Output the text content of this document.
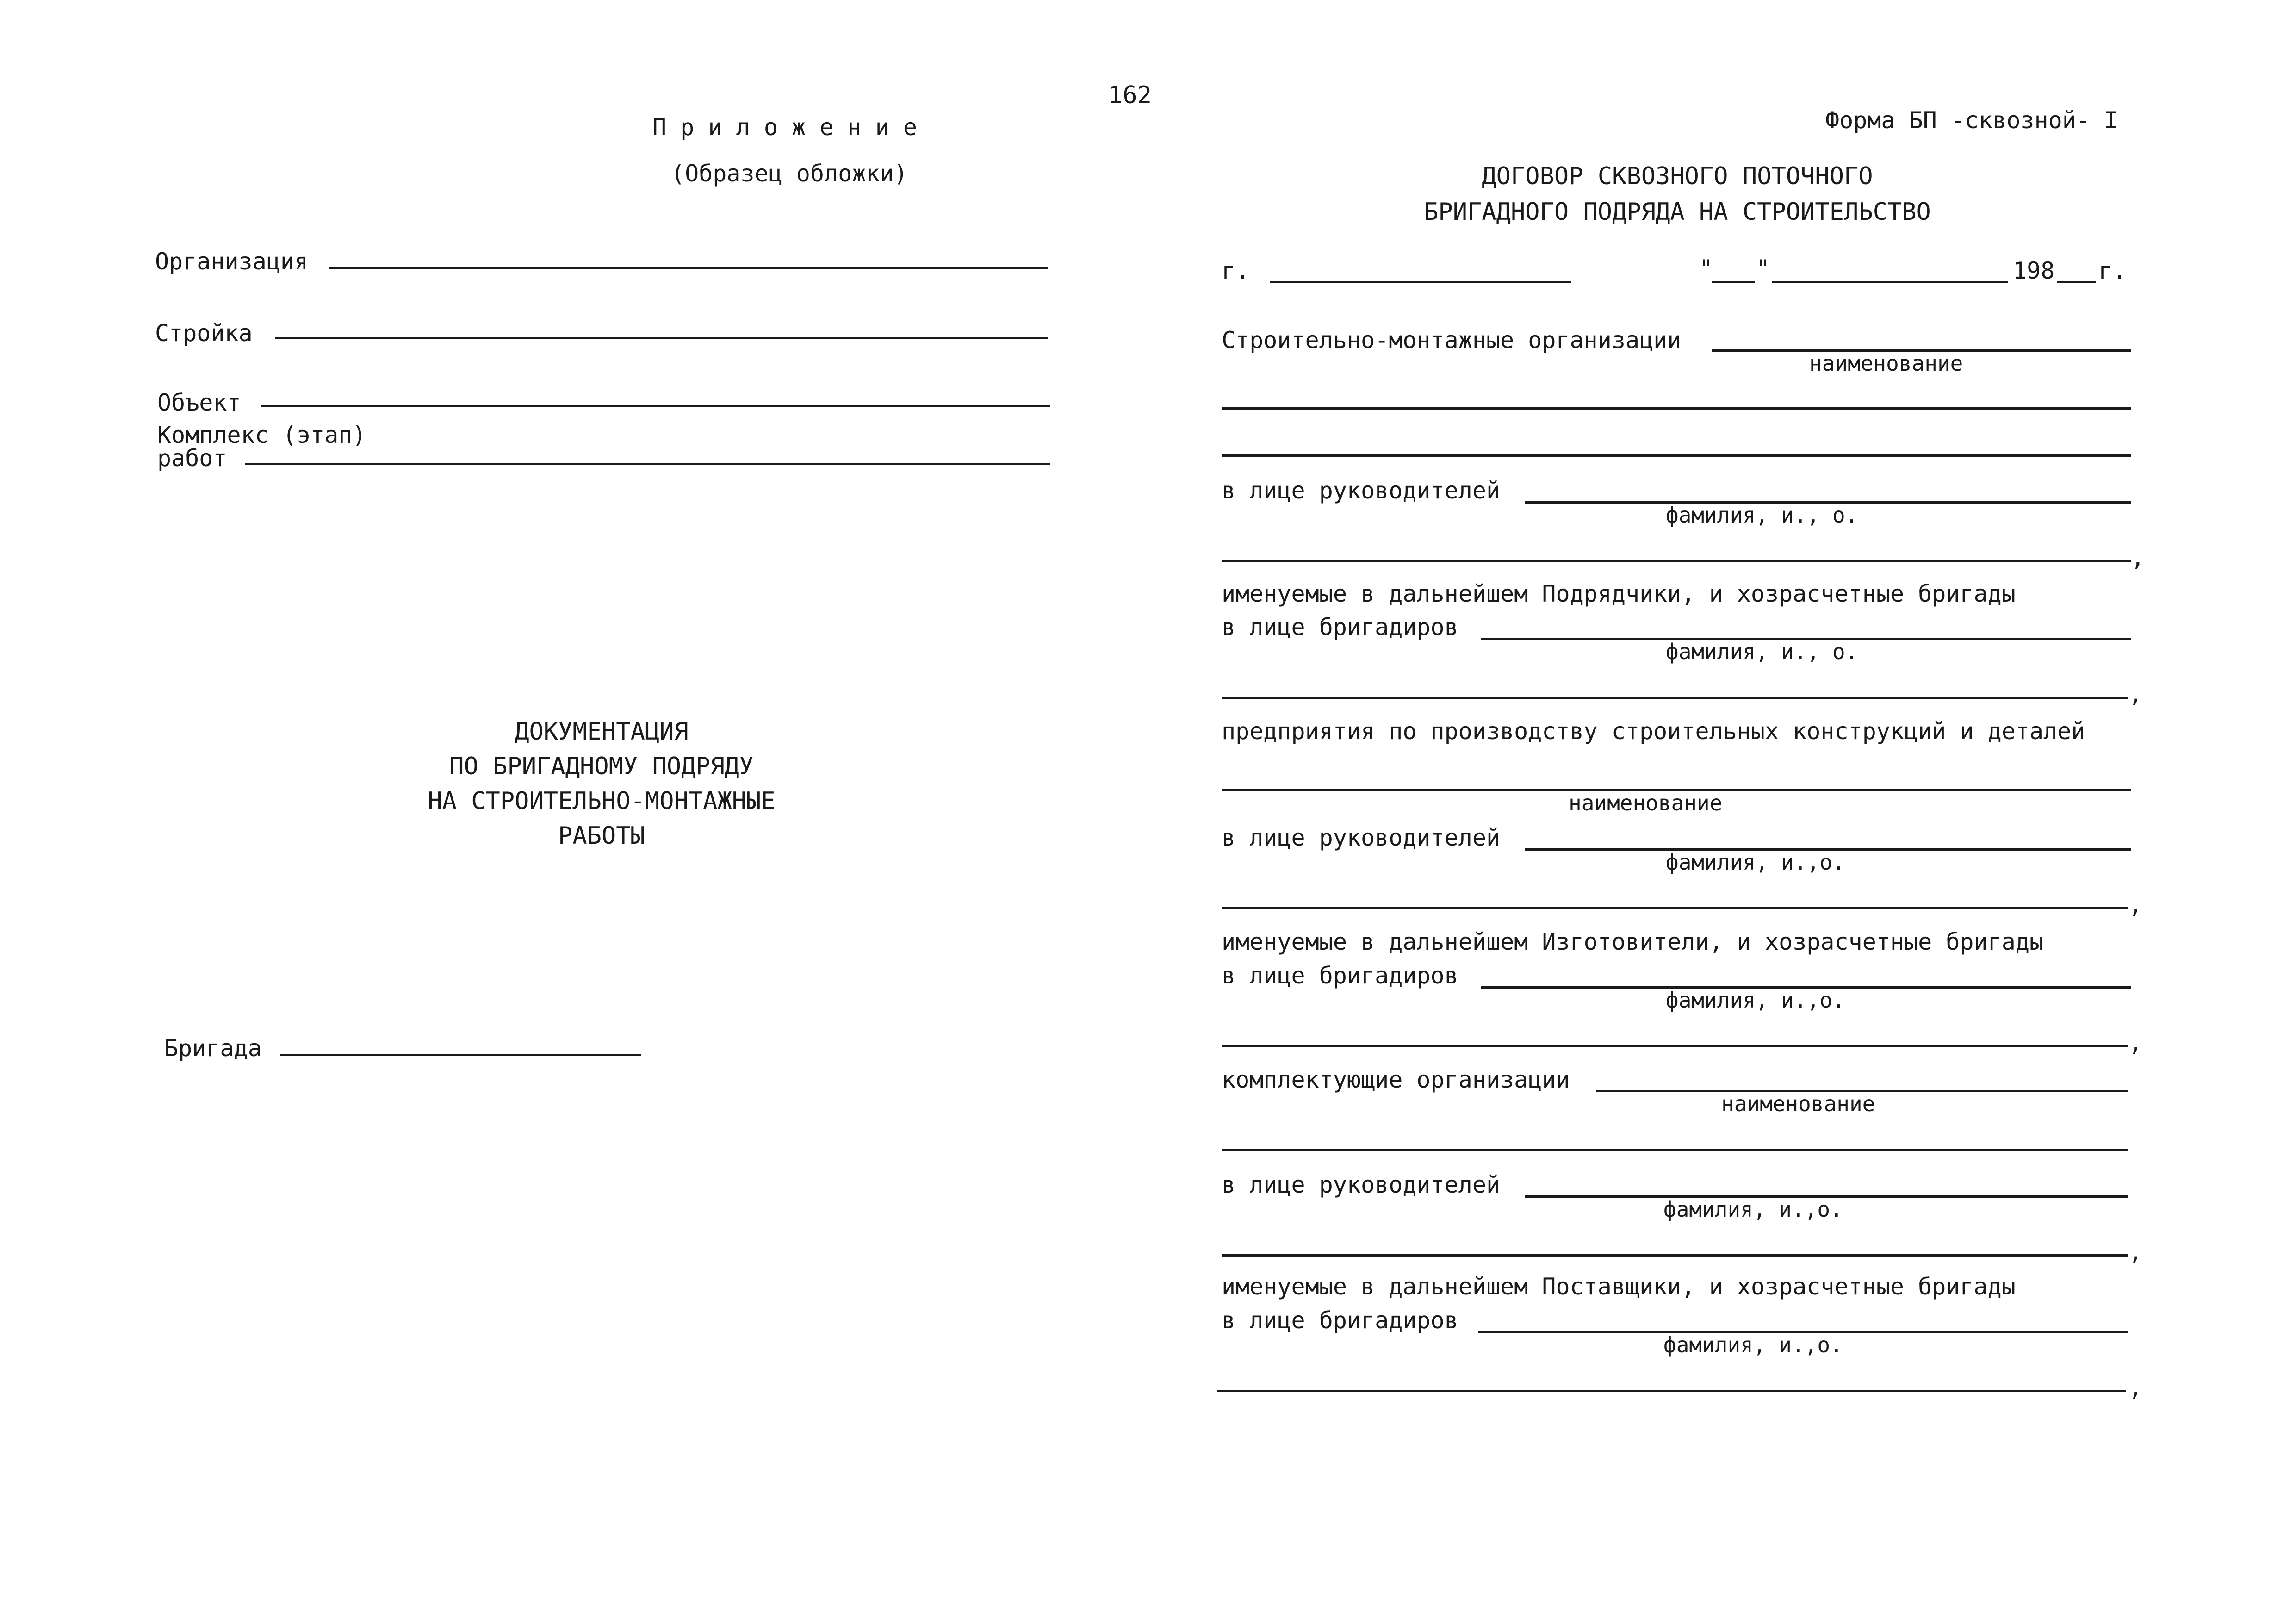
162
П р и л о ж е н и е
(Образец обложки)
Организация
Стройка
Объект
Комплекс (этап)
работ
ДОКУМЕНТАЦИЯ
ПО БРИГАДНОМУ ПОДРЯДУ
НА СТРОИТЕЛЬНО-МОНТАЖНЫЕ
РАБОТЫ
Бригада
Форма БП -сквозной- I
ДОГОВОР СКВОЗНОГО ПОТОЧНОГО
БРИГАДНОГО ПОДРЯДА НА СТРОИТЕЛЬСТВО
г.	" "	198 г.
Строительно-монтажные организации
наименование
в лице руководителей
фамилия, и., о.
,
именуемые в дальнейшем Подрядчики, и хозрасчетные бригады
в лице бригадиров
фамилия, и., о.
,
предприятия по производству строительных конструкций и деталей
наименование
в лице руководителей
фамилия, и.,о.
,
именуемые в дальнейшем Изготовители, и хозрасчетные бригады
в лице бригадиров
фамилия, и.,о.
,
комплектующие организации
наименование
в лице руководителей
фамилия, и.,о.
,
именуемые в дальнейшем Поставщики, и хозрасчетные бригады
в лице бригадиров
фамилия, и.,о.
,
